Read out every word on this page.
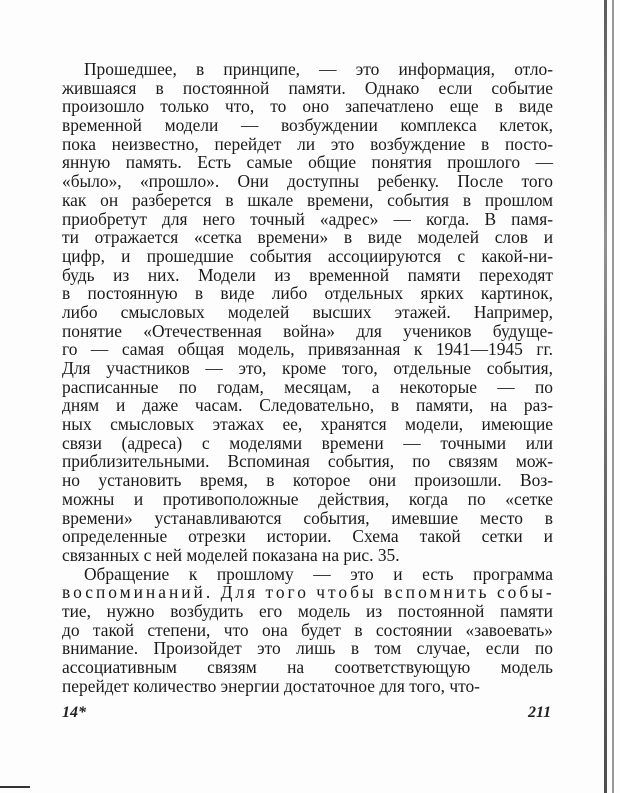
Прошедшее, в принципе, — это информация, отло-
жившаяся в постоянной памяти. Однако если событие
произошло только что, то оно запечатлено еще в виде
временной модели — возбуждении комплекса клеток,
пока неизвестно, перейдет ли это возбуждение в посто-
янную память. Есть самые общие понятия прошлого —
«было», «прошло». Они доступны ребенку. После того
как он разберется в шкале времени, события в прошлом
приобретут для него точный «адрес» — когда. В памя-
ти отражается «сетка времени» в виде моделей слов и
цифр, и прошедшие события ассоциируются с какой-ни-
будь из них. Модели из временной памяти переходят
в постоянную в виде либо отдельных ярких картинок,
либо смысловых моделей высших этажей. Например,
понятие «Отечественная война» для учеников будуще-
го — самая общая модель, привязанная к 1941—1945 гг.
Для участников — это, кроме того, отдельные события,
расписанные по годам, месяцам, а некоторые — по
дням и даже часам. Следовательно, в памяти, на раз-
ных смысловых этажах ее, хранятся модели, имеющие
связи (адреса) с моделями времени — точными или
приблизительными. Вспоминая события, по связям мож-
но установить время, в которое они произошли. Воз-
можны и противоположные действия, когда по «сетке
времени» устанавливаются события, имевшие место в
определенные отрезки истории. Схема такой сетки и
связанных с ней моделей показана на рис. 35.
Обращение к прошлому — это и есть программа
воспоминаний. Для того чтобы вспомнить собы-
тие, нужно возбудить его модель из постоянной памяти
до такой степени, что она будет в состоянии «завоевать»
внимание. Произойдет это лишь в том случае, если по
ассоциативным связям на соответствующую модель
перейдет количество энергии достаточное для того, что-
14*	211
